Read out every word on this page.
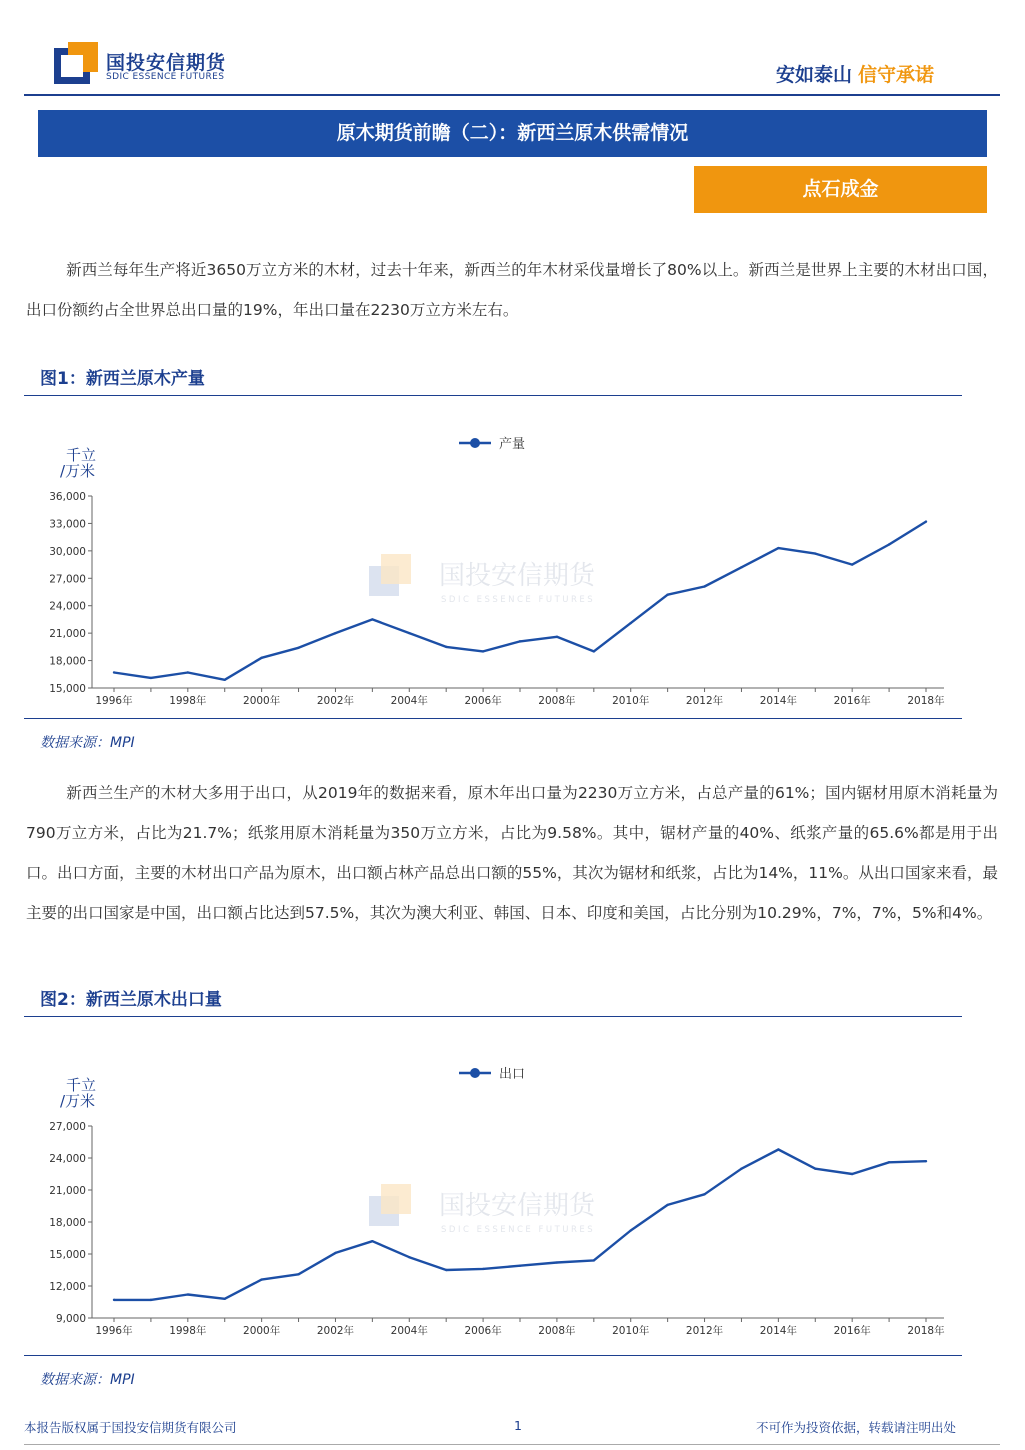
国投安信期货
SDIC ESSENCE FUTURES	安如泰山 信守承诺
原木期货前瞻（二）：新西兰原木供需情况
点石成金
新西兰每年生产将近3650万立方米的木材，过去十年来，新西兰的年木材采伐量增长了80%以上。新西兰是世界上主要的木材出口国，出口份额约占全世界总出口量的19%，年出口量在2230万立方米左右。
图1：新西兰原木产量
国投安信期货
SDIC ESSENCE FUTURES
产量
千立
/万米
15,000
18,000
21,000
24,000
27,000
30,000
33,000
36,000
1996年	1998年	2000年	2002年	2004年	2006年	2008年	2010年	2012年	2014年	2016年	2018年
数据来源：MPI
新西兰生产的木材大多用于出口，从2019年的数据来看，原木年出口量为2230万立方米，占总产量的61%；国内锯材用原木消耗量为790万立方米，占比为21.7%；纸浆用原木消耗量为350万立方米，占比为9.58%。其中，锯材产量的40%、纸浆产量的65.6%都是用于出口。出口方面，主要的木材出口产品为原木，出口额占林产品总出口额的55%，其次为锯材和纸浆，占比为14%，11%。从出口国家来看，最主要的出口国家是中国，出口额占比达到57.5%，其次为澳大利亚、韩国、日本、印度和美国，占比分别为10.29%，7%，7%，5%和4%。
图2：新西兰原木出口量
国投安信期货
SDIC ESSENCE FUTURES
出口
千立
/万米
9,000
12,000
15,000
18,000
21,000
24,000
27,000
1996年	1998年	2000年	2002年	2004年	2006年	2008年	2010年	2012年	2014年	2016年	2018年
数据来源：MPI
本报告版权属于国投安信期货有限公司	1	不可作为投资依据，转载请注明出处
